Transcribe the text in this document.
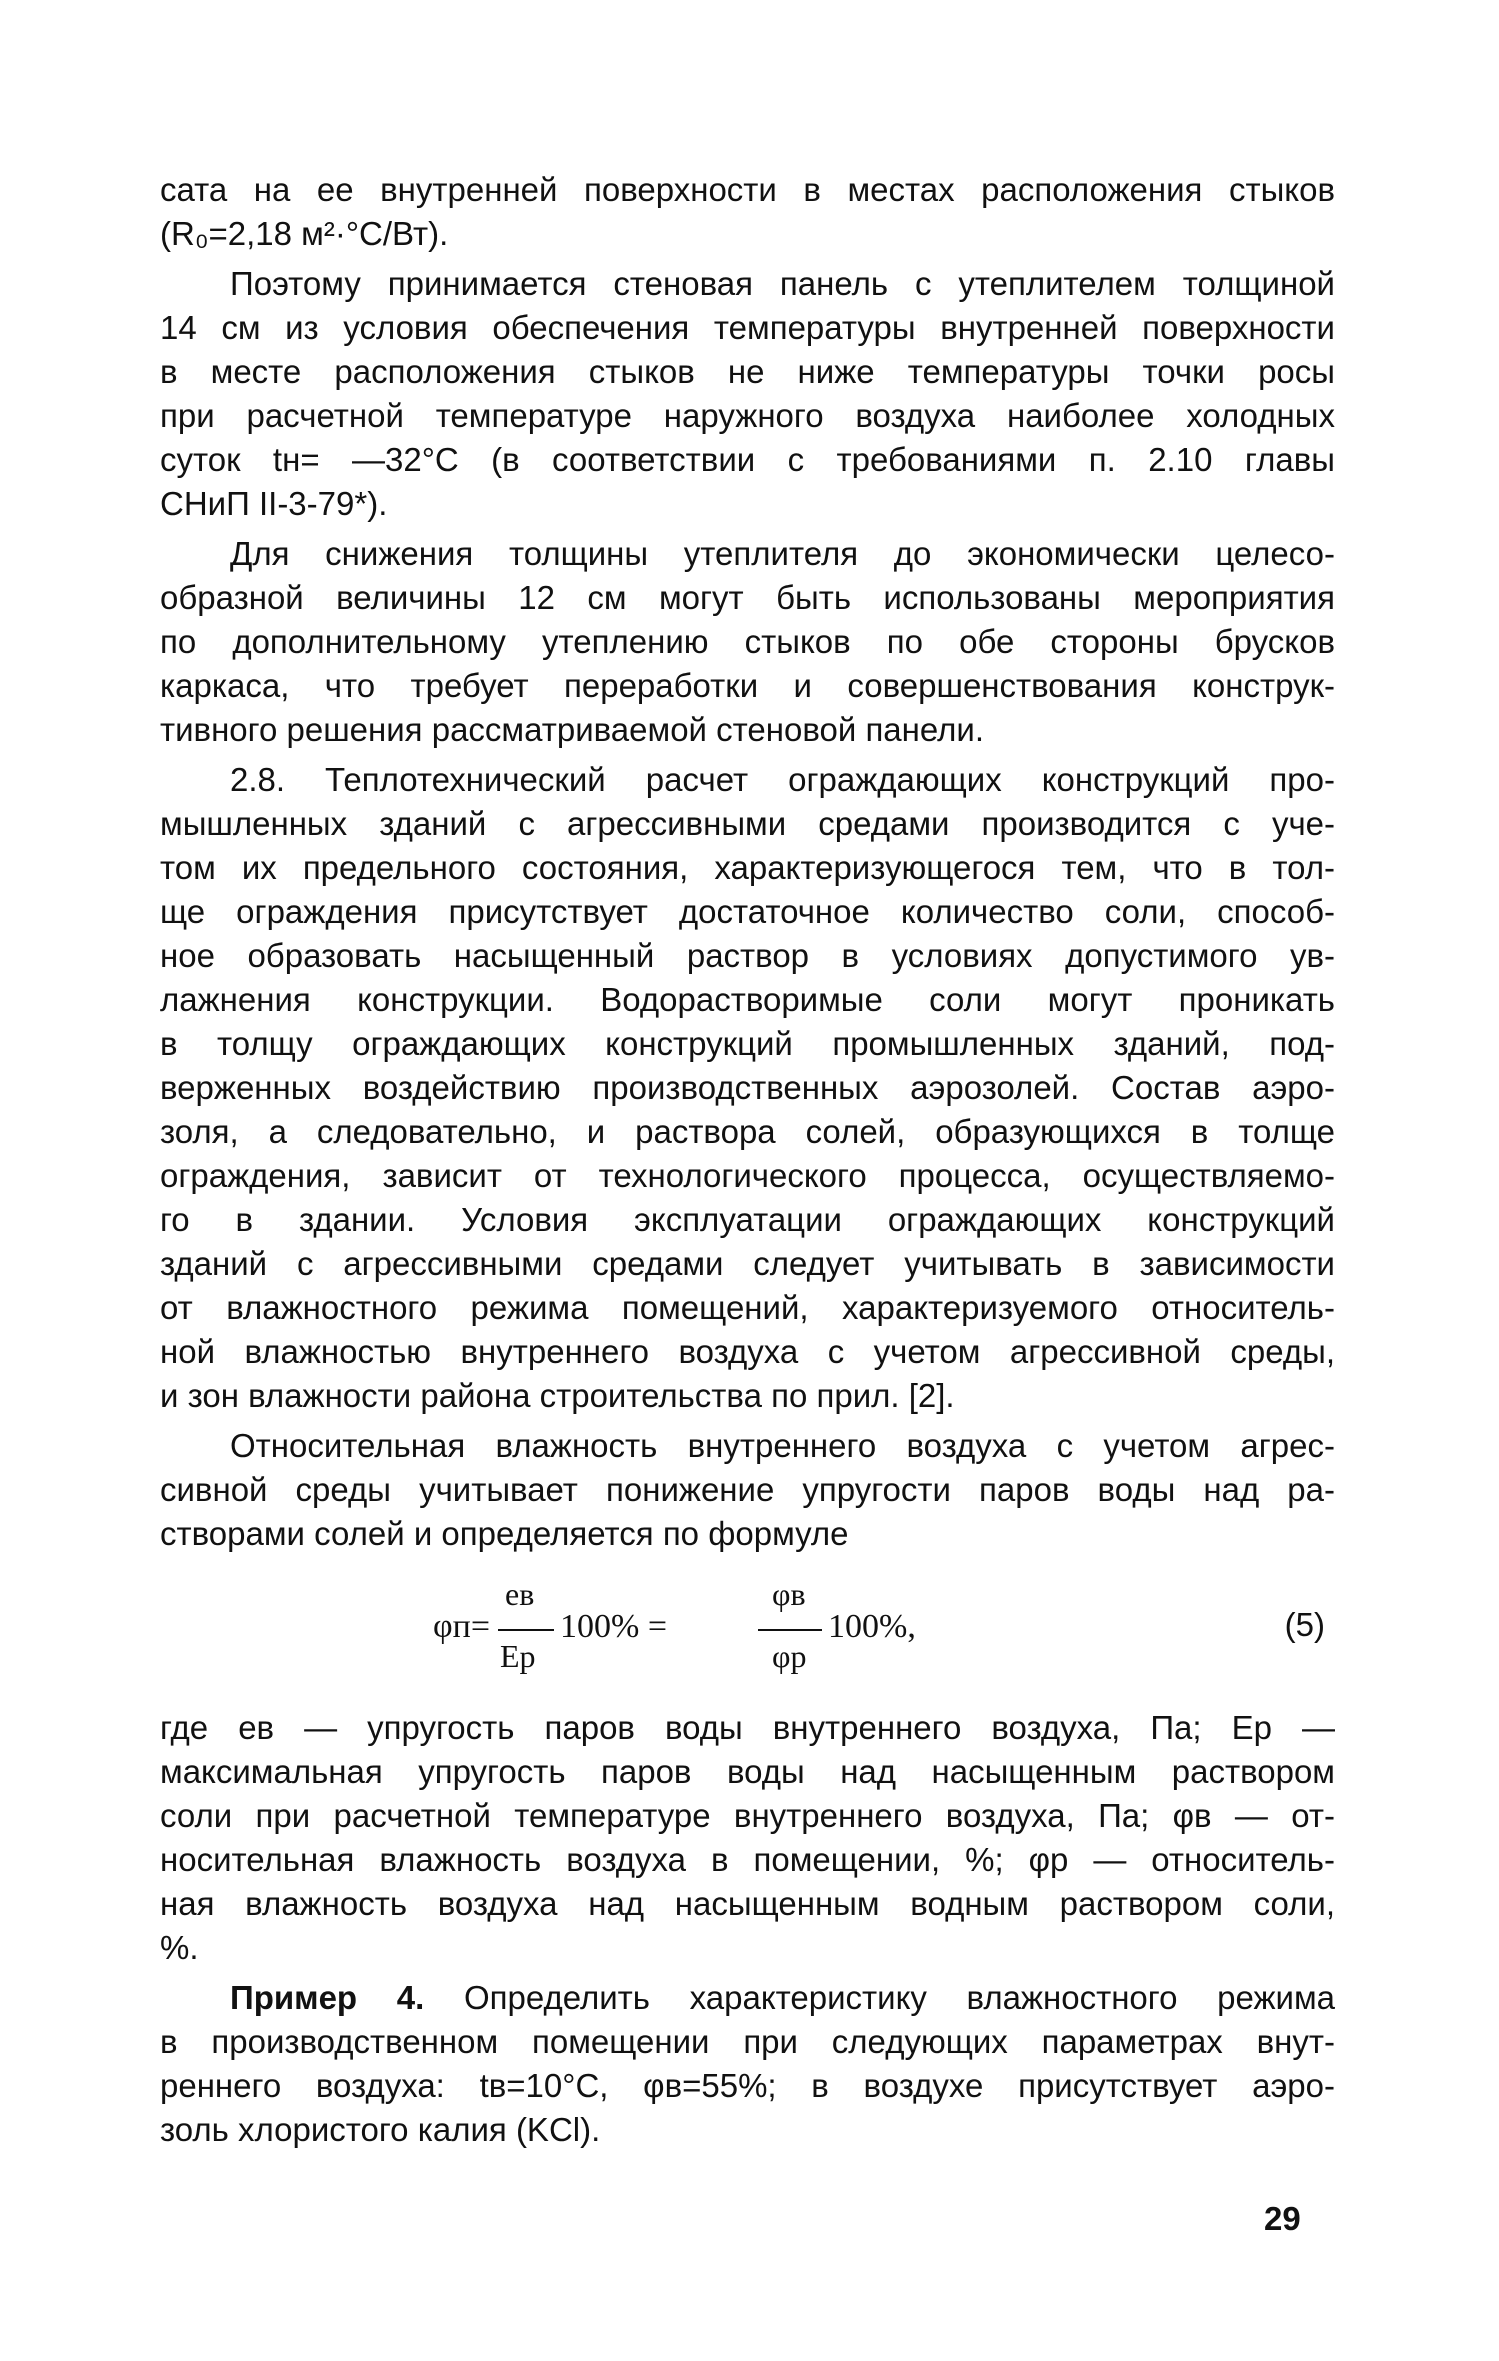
сата на ее внутренней поверхности в местах расположения стыков
(R₀=2,18 м²·°С/Вт).
Поэтому принимается стеновая панель с утеплителем толщиной
14 см из условия обеспечения температуры внутренней поверхности
в месте расположения стыков не ниже температуры точки росы
при расчетной температуре наружного воздуха наиболее холодных
суток tн= —32°С (в соответствии с требованиями п. 2.10 главы
СНиП II-3-79*).
Для снижения толщины утеплителя до экономически целесо-
образной величины 12 см могут быть использованы мероприятия
по дополнительному утеплению стыков по обе стороны брусков
каркаса, что требует переработки и совершенствования конструк-
тивного решения рассматриваемой стеновой панели.
2.8. Теплотехнический расчет ограждающих конструкций про-
мышленных зданий с агрессивными средами производится с уче-
том их предельного состояния, характеризующегося тем, что в тол-
ще ограждения присутствует достаточное количество соли, способ-
ное образовать насыщенный раствор в условиях допустимого ув-
лажнения конструкции. Водорастворимые соли могут проникать
в толщу ограждающих конструкций промышленных зданий, под-
верженных воздействию производственных аэрозолей. Состав аэро-
золя, а следовательно, и раствора солей, образующихся в толще
ограждения, зависит от технологического процесса, осуществляемо-
го в здании. Условия эксплуатации ограждающих конструкций
зданий с агрессивными средами следует учитывать в зависимости
от влажностного режима помещений, характеризуемого относитель-
ной влажностью внутреннего воздуха с учетом агрессивной среды,
и зон влажности района строительства по прил. [2].
Относительная влажность внутреннего воздуха с учетом агрес-
сивной среды учитывает понижение упругости паров воды над ра-
створами солей и определяется по формуле
φп=
eв
Eр
100% =
φв
φр
100%,	(5)
где eв — упругость паров воды внутреннего воздуха, Па; Eр —
максимальная упругость паров воды над насыщенным раствором
соли при расчетной температуре внутреннего воздуха, Па; φв — от-
носительная влажность воздуха в помещении, %; φр — относитель-
ная влажность воздуха над насыщенным водным раствором соли,
%.
Пример 4. Определить характеристику влажностного режима
в производственном помещении при следующих параметрах внут-
реннего воздуха: tв=10°С, φв=55%; в воздухе присутствует аэро-
золь хлористого калия (KCl).
29
